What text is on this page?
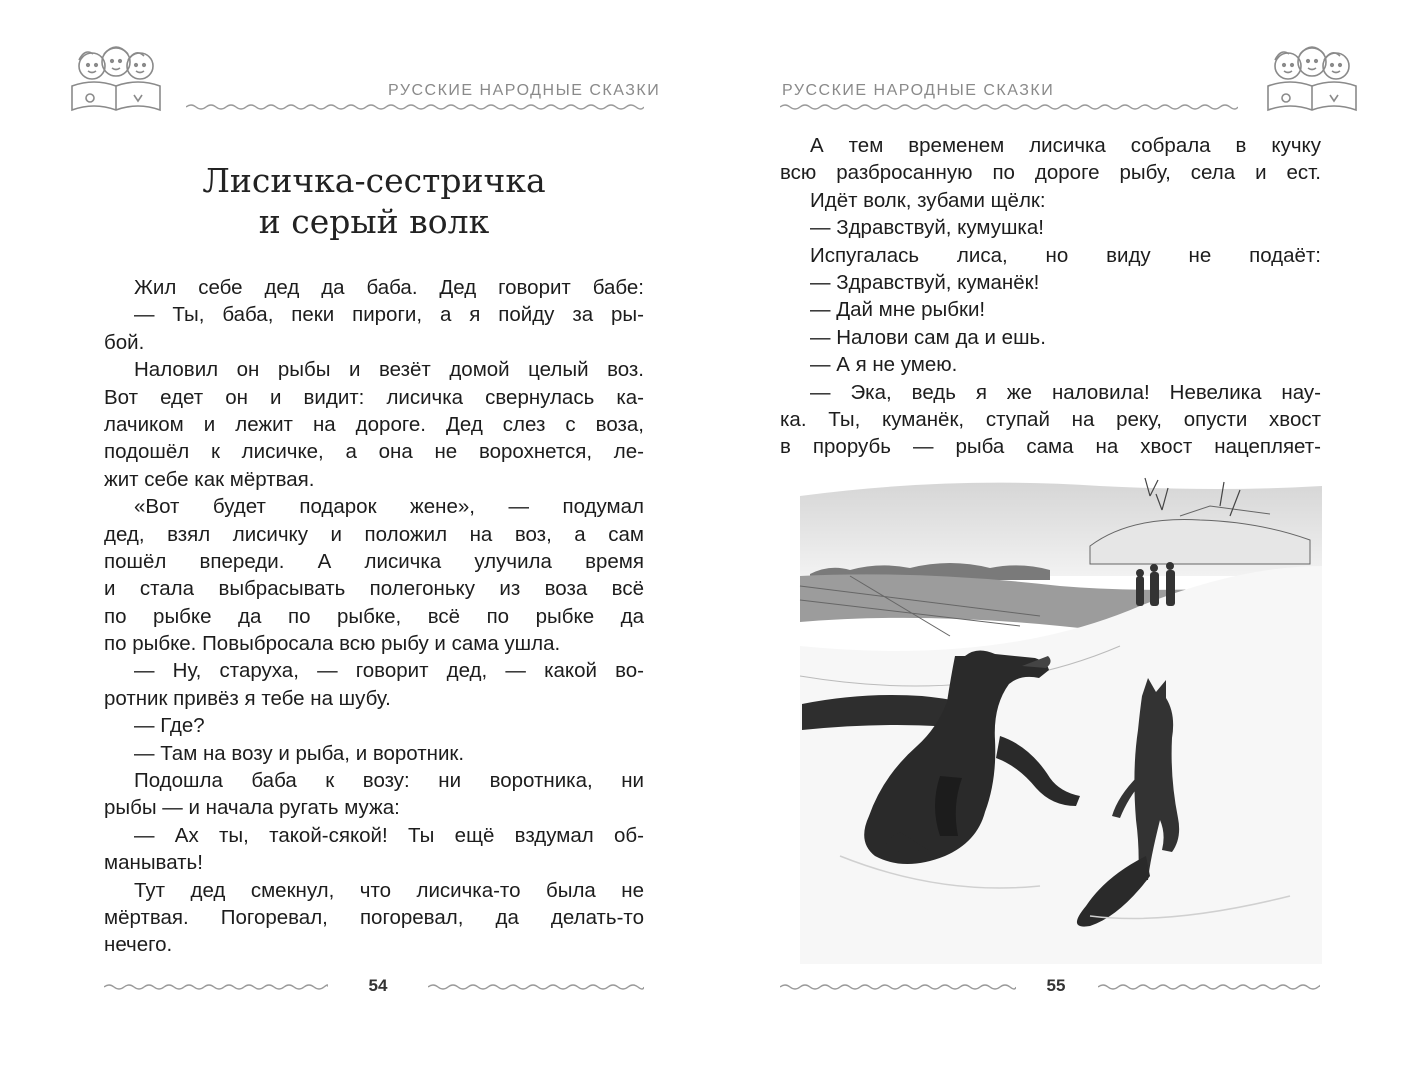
РУССКИЕ НАРОДНЫЕ СКАЗКИ
Лисичка-сестричка
и серый волк
Жил себе дед да баба. Дед говорит бабе:
— Ты, баба, пеки пироги, а я пойду за ры-
бой.
Наловил он рыбы и везёт домой целый воз.
Вот едет он и видит: лисичка свернулась ка-
лачиком и лежит на дороге. Дед слез с воза,
подошёл к лисичке, а она не ворохнется, ле-
жит себе как мёртвая.
«Вот будет подарок жене», — подумал
дед, взял лисичку и положил на воз, а сам
пошёл впереди. А лисичка улучила время
и стала выбрасывать полегоньку из воза всё
по рыбке да по рыбке, всё по рыбке да
по рыбке. Повыбросала всю рыбу и сама ушла.
— Ну, старуха, — говорит дед, — какой во-
ротник привёз я тебе на шубу.
— Где?
— Там на возу и рыба, и воротник.
Подошла баба к возу: ни воротника, ни
рыбы — и начала ругать мужа:
— Ах ты, такой-сякой! Ты ещё вздумал об-
манывать!
Тут дед смекнул, что лисичка-то была не
мёртвая. Погоревал, погоревал, да делать-то
нечего.
54
РУССКИЕ НАРОДНЫЕ СКАЗКИ
А тем временем лисичка собрала в кучку
всю разбросанную по дороге рыбу, села и ест.
Идёт волк, зубами щёлк:
— Здравствуй, кумушка!
Испугалась лиса, но виду не подаёт:
— Здравствуй, куманёк!
— Дай мне рыбки!
— Налови сам да и ешь.
— А я не умею.
— Эка, ведь я же наловила! Невелика нау-
ка. Ты, куманёк, ступай на реку, опусти хвост
в прорубь — рыба сама на хвост нацепляет-
55
